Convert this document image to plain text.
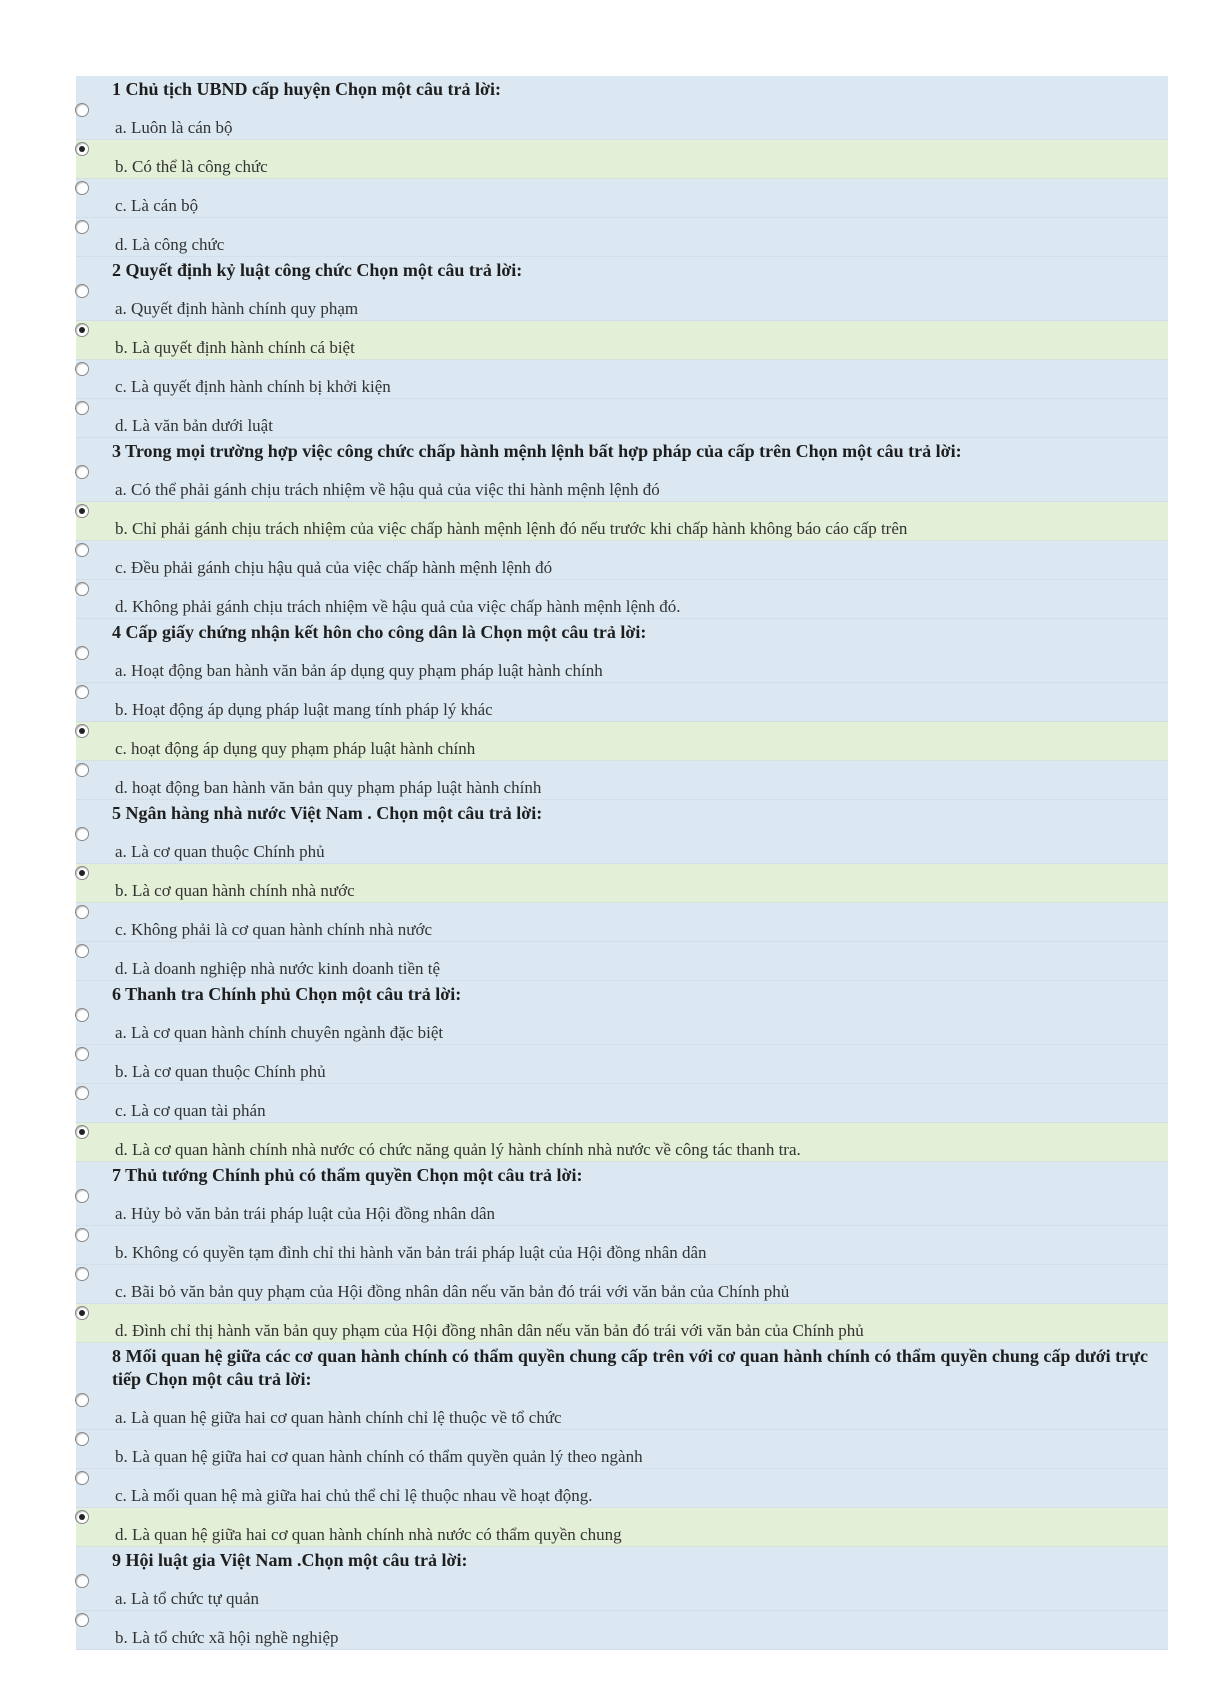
1 Chủ tịch UBND cấp huyện Chọn một câu trả lời:
a. Luôn là cán bộ
b. Có thể là công chức
c. Là cán bộ
d. Là công chức
2 Quyết định kỷ luật công chức Chọn một câu trả lời:
a. Quyết định hành chính quy phạm
b. Là quyết định hành chính cá biệt
c. Là quyết định hành chính bị khởi kiện
d. Là văn bản dưới luật
3 Trong mọi trường hợp việc công chức chấp hành mệnh lệnh bất hợp pháp của cấp trên Chọn một câu trả lời:
a. Có thể phải gánh chịu trách nhiệm về hậu quả của việc thi hành mệnh lệnh đó
b. Chỉ phải gánh chịu trách nhiệm của việc chấp hành mệnh lệnh đó nếu trước khi chấp hành không báo cáo cấp trên
c. Đều phải gánh chịu hậu quả của việc chấp hành mệnh lệnh đó
d. Không phải gánh chịu trách nhiệm về hậu quả của việc chấp hành mệnh lệnh đó.
4 Cấp giấy chứng nhận kết hôn cho công dân là Chọn một câu trả lời:
a. Hoạt động ban hành văn bản áp dụng quy phạm pháp luật hành chính
b. Hoạt động áp dụng pháp luật mang tính pháp lý khác
c. hoạt động áp dụng quy phạm pháp luật hành chính
d. hoạt động ban hành văn bản quy phạm pháp luật hành chính
5 Ngân hàng nhà nước Việt Nam . Chọn một câu trả lời:
a. Là cơ quan thuộc Chính phủ
b. Là cơ quan hành chính nhà nước
c. Không phải là cơ quan hành chính nhà nước
d. Là doanh nghiệp nhà nước kinh doanh tiền tệ
6 Thanh tra Chính phủ Chọn một câu trả lời:
a. Là cơ quan hành chính chuyên ngành đặc biệt
b. Là cơ quan thuộc Chính phủ
c. Là cơ quan tài phán
d. Là cơ quan hành chính nhà nước có chức năng quản lý hành chính nhà nước về công tác thanh tra.
7 Thủ tướng Chính phủ có thẩm quyền Chọn một câu trả lời:
a. Hủy bỏ văn bản trái pháp luật của Hội đồng nhân dân
b. Không có quyền tạm đình chỉ thi hành văn bản trái pháp luật của Hội đồng nhân dân
c. Bãi bỏ văn bản quy phạm của Hội đồng nhân dân nếu văn bản đó trái với văn bản của Chính phủ
d. Đình chỉ thị hành văn bản quy phạm của Hội đồng nhân dân nếu văn bản đó trái với văn bản của Chính phủ
8 Mối quan hệ giữa các cơ quan hành chính có thẩm quyền chung cấp trên với cơ quan hành chính có thẩm quyền chung cấp dưới trực tiếp Chọn một câu trả lời:
a. Là quan hệ giữa hai cơ quan hành chính chỉ lệ thuộc về tổ chức
b. Là quan hệ giữa hai cơ quan hành chính có thẩm quyền quản lý theo ngành
c. Là mối quan hệ mà giữa hai chủ thể chỉ lệ thuộc nhau về hoạt động.
d. Là quan hệ giữa hai cơ quan hành chính nhà nước có thẩm quyền chung
9 Hội luật gia Việt Nam .Chọn một câu trả lời:
a. Là tổ chức tự quản
b. Là tổ chức xã hội nghề nghiệp
